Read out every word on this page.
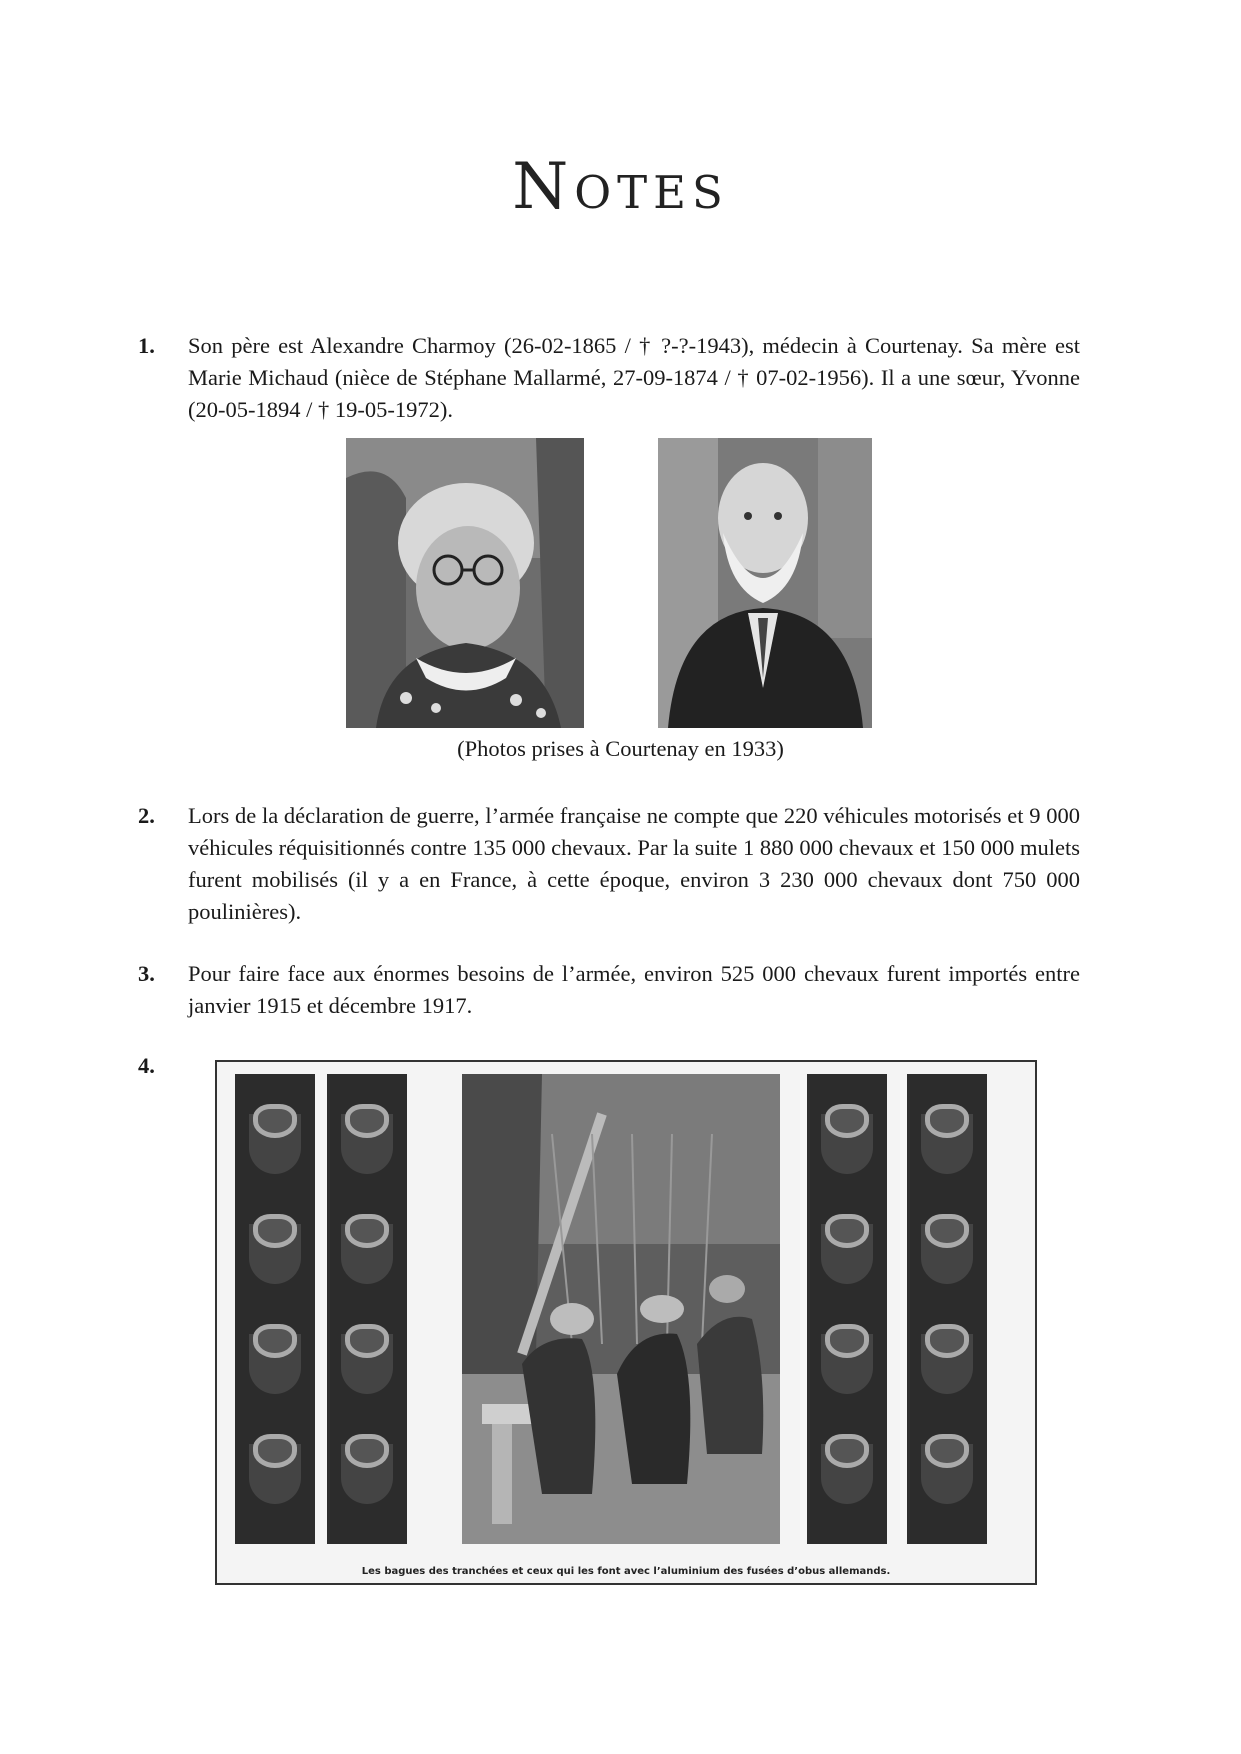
Notes
1.	Son père est Alexandre Charmoy (26-02-1865 / † ?-?-1943), médecin à Courtenay. Sa mère est Marie Michaud (nièce de Stéphane Mallarmé, 27-09-1874 / † 07-02-1956). Il a une sœur, Yvonne (20-05-1894 / † 19-05-1972).

(Photos prises à Courtenay en 1933)
2.	Lors de la déclaration de guerre, l’armée française ne compte que 220 véhicules motorisés et 9 000 véhicules réquisitionnés contre 135 000 chevaux. Par la suite 1 880 000 chevaux et 150 000 mulets furent mobilisés (il y a en France, à cette époque, environ 3 230 000 chevaux dont 750 000 poulinières).

3.	Pour faire face aux énormes besoins de l’armée, environ 525 000 chevaux furent importés entre janvier 1915 et décembre 1917.

4.
Les bagues des tranchées et ceux qui les font avec l’aluminium des fusées d’obus allemands.
